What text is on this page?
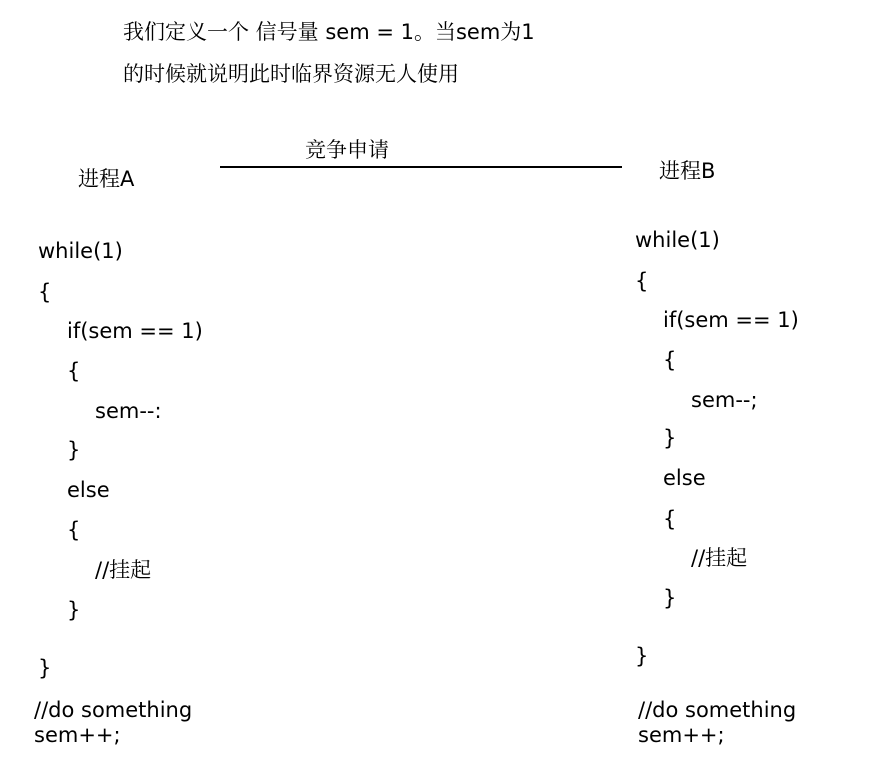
我们定义一个 信号量 sem = 1。当sem为1
的时候就说明此时临界资源无人使用
竞争申请
进程A
while(1)
{
if(sem == 1)
{
sem--:
}
else
{
//挂起
}
}
//do something
sem++;
进程B
while(1)
{
if(sem == 1)
{
sem--;
}
else
{
//挂起
}
}
//do something
sem++;
